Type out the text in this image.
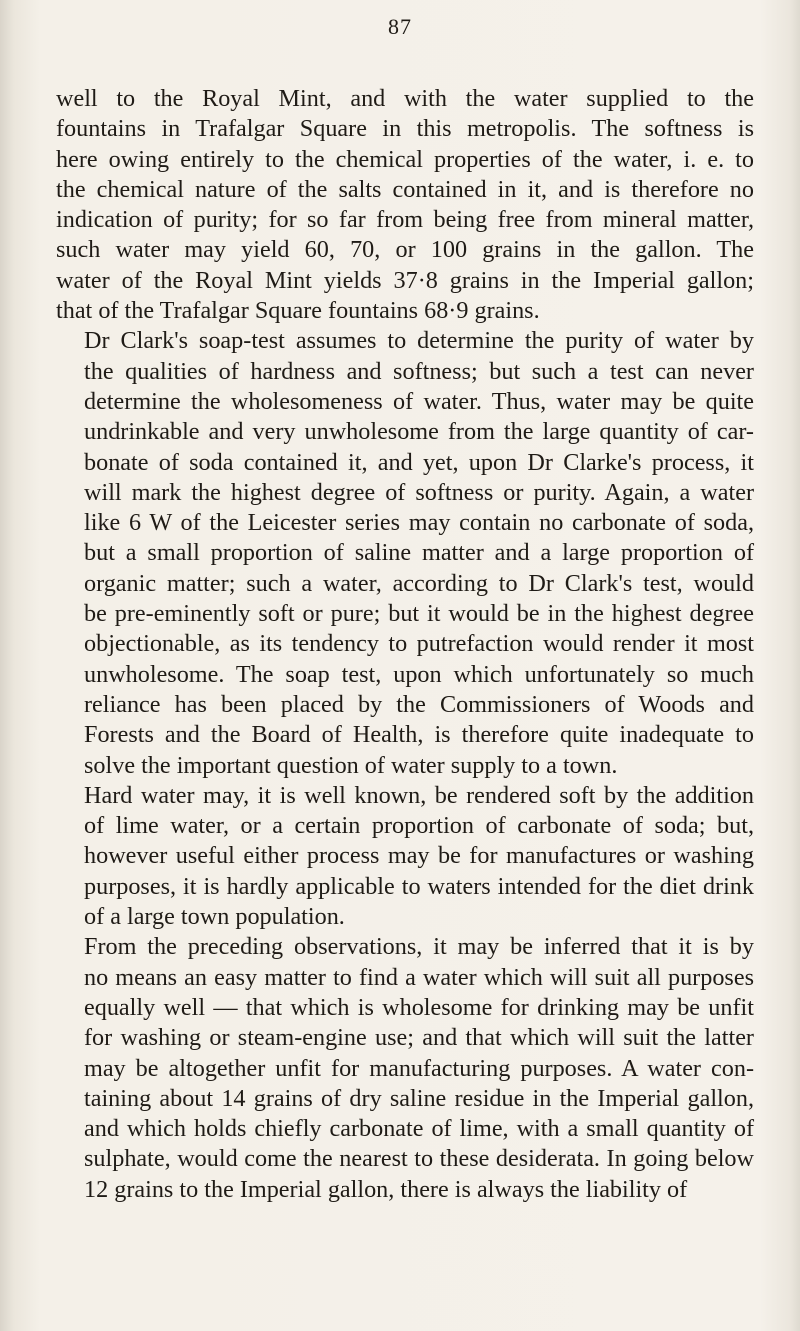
87

well to the Royal Mint, and with the water supplied to the
fountains in Trafalgar Square in this metropolis. The softness is
here owing entirely to the chemical properties of the water, i. e. to
the chemical nature of the salts contained in it, and is therefore no
indication of purity; for so far from being free from mineral matter,
such water may yield 60, 70, or 100 grains in the gallon. The
water of the Royal Mint yields 37·8 grains in the Imperial gallon;
that of the Trafalgar Square fountains 68·9 grains.

Dr Clark's soap-test assumes to determine the purity of water by
the qualities of hardness and softness; but such a test can never
determine the wholesomeness of water. Thus, water may be quite
undrinkable and very unwholesome from the large quantity of car-
bonate of soda contained it, and yet, upon Dr Clarke's process, it
will mark the highest degree of softness or purity. Again, a water
like 6 W of the Leicester series may contain no carbonate of soda,
but a small proportion of saline matter and a large proportion of
organic matter; such a water, according to Dr Clark's test, would
be pre-eminently soft or pure; but it would be in the highest degree
objectionable, as its tendency to putrefaction would render it most
unwholesome. The soap test, upon which unfortunately so much
reliance has been placed by the Commissioners of Woods and
Forests and the Board of Health, is therefore quite inadequate to
solve the important question of water supply to a town.

Hard water may, it is well known, be rendered soft by the addition
of lime water, or a certain proportion of carbonate of soda; but,
however useful either process may be for manufactures or washing
purposes, it is hardly applicable to waters intended for the diet drink
of a large town population.

From the preceding observations, it may be inferred that it is by
no means an easy matter to find a water which will suit all purposes
equally well — that which is wholesome for drinking may be unfit
for washing or steam-engine use; and that which will suit the latter
may be altogether unfit for manufacturing purposes. A water con-
taining about 14 grains of dry saline residue in the Imperial gallon,
and which holds chiefly carbonate of lime, with a small quantity of
sulphate, would come the nearest to these desiderata. In going below
12 grains to the Imperial gallon, there is always the liability of
